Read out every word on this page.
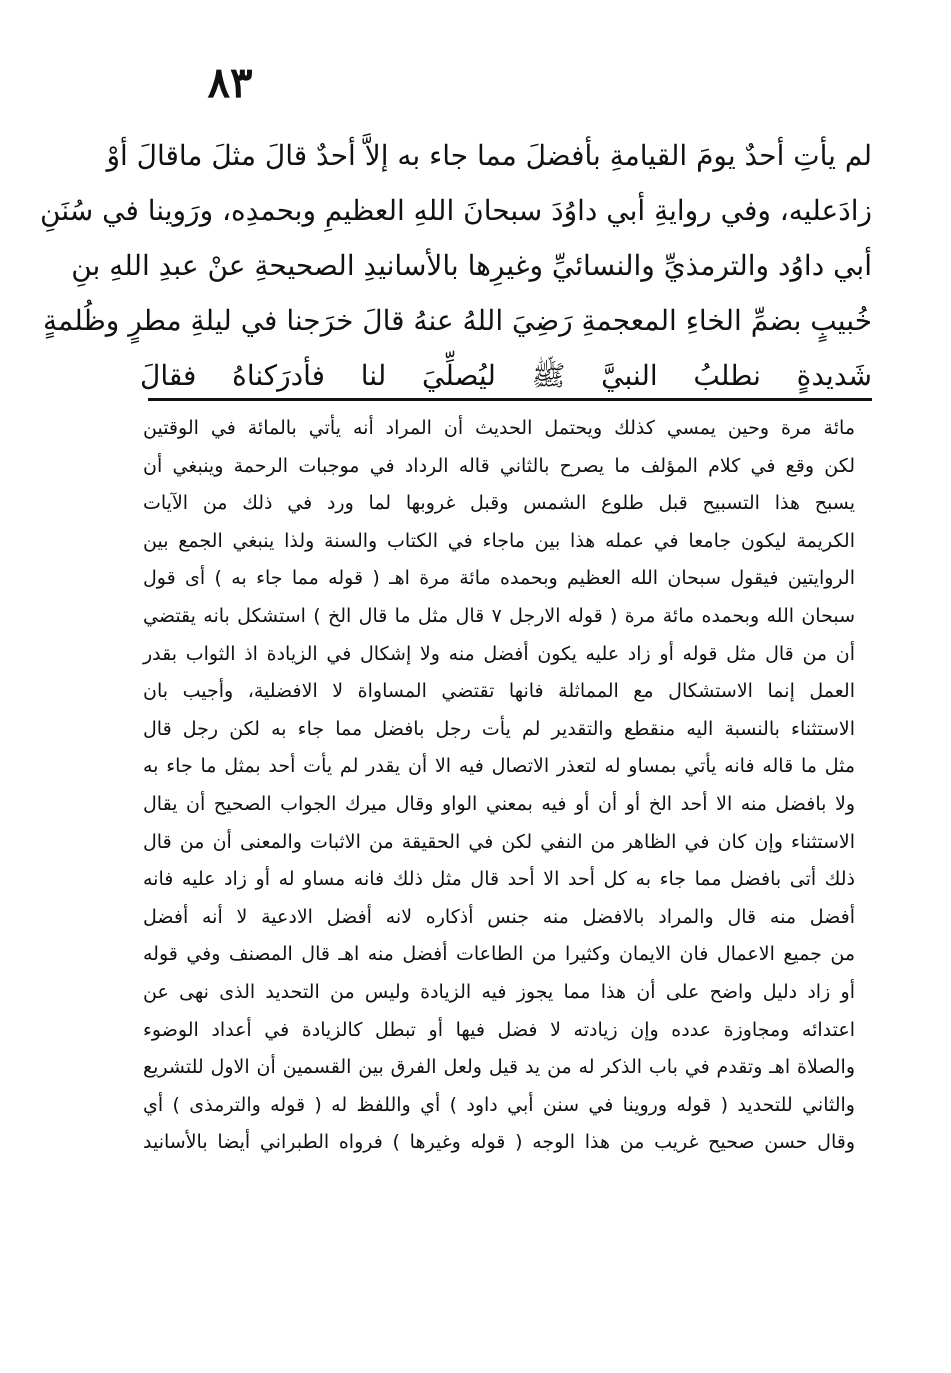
٨٣
لم يأتِ أحدٌ يومَ القيامةِ بأفضلَ مما جاء به إلاَّ أحدٌ قالَ مثلَ ماقالَ أوْ
زادَعليه، وفي روايةِ أبي داوُدَ سبحانَ اللهِ العظيمِ وبحمدِه، ورَوينا في سُنَنِ
أبي داوُد والترمذيِّ والنسائيِّ وغيرِها بالأسانيدِ الصحيحةِ عنْ عبدِ اللهِ بنِ
خُبيبٍ بضمِّ الخاءِ المعجمةِ رَضِيَ اللهُ عنهُ قالَ خرَجنا في ليلةِ مطرٍ وظُلمةٍ
شَديدةٍ نطلبُ النبيَّ ﷺ ليُصلِّيَ لنا فأدرَكناهُ فقالَ
مائة مرة وحين يمسي كذلك ويحتمل الحديث أن المراد أنه يأتي بالمائة في الوقتين
لكن وقع في كلام المؤلف ما يصرح بالثاني قاله الرداد في موجبات الرحمة وينبغي أن
يسبح هذا التسبيح قبل طلوع الشمس وقبل غروبها لما ورد في ذلك من الآيات
الكريمة ليكون جامعا في عمله هذا بين ماجاء في الكتاب والسنة ولذا ينبغي الجمع بين
الروايتين فيقول سبحان الله العظيم وبحمده مائة مرة اهـ ( قوله مما جاء به ) أى قول
سبحان الله وبحمده مائة مرة ( قوله الارجل ٧ قال مثل ما قال الخ ) استشكل بانه يقتضي
أن من قال مثل قوله أو زاد عليه يكون أفضل منه ولا إشكال في الزيادة اذ الثواب بقدر
العمل إنما الاستشكال مع المماثلة فانها تقتضي المساواة لا الافضلية، وأجيب بان
الاستثناء بالنسبة اليه منقطع والتقدير لم يأت رجل بافضل مما جاء به لكن رجل قال
مثل ما قاله فانه يأتي بمساو له لتعذر الاتصال فيه الا أن يقدر لم يأت أحد بمثل ما جاء به
ولا بافضل منه الا أحد الخ أو أن أو فيه بمعني الواو وقال ميرك الجواب الصحيح أن يقال
الاستثناء وإن كان في الظاهر من النفي لكن في الحقيقة من الاثبات والمعنى أن من قال
ذلك أتى بافضل مما جاء به كل أحد الا أحد قال مثل ذلك فانه مساو له أو زاد عليه فانه
أفضل منه قال والمراد بالافضل منه جنس أذكاره لانه أفضل الادعية لا أنه أفضل
من جميع الاعمال فان الايمان وكثيرا من الطاعات أفضل منه اهـ قال المصنف وفي قوله
أو زاد دليل واضح على أن هذا مما يجوز فيه الزيادة وليس من التحديد الذى نهى عن
اعتدائه ومجاوزة عدده وإن زيادته لا فضل فيها أو تبطل كالزيادة في أعداد الوضوء
والصلاة اهـ وتقدم في باب الذكر له من يد قيل ولعل الفرق بين القسمين أن الاول للتشريع
والثاني للتحديد ( قوله وروينا في سنن أبي داود ) أي واللفظ له ( قوله والترمذى ) أي
وقال حسن صحيح غريب من هذا الوجه ( قوله وغيرها ) فرواه الطبراني أيضا بالأسانيد
